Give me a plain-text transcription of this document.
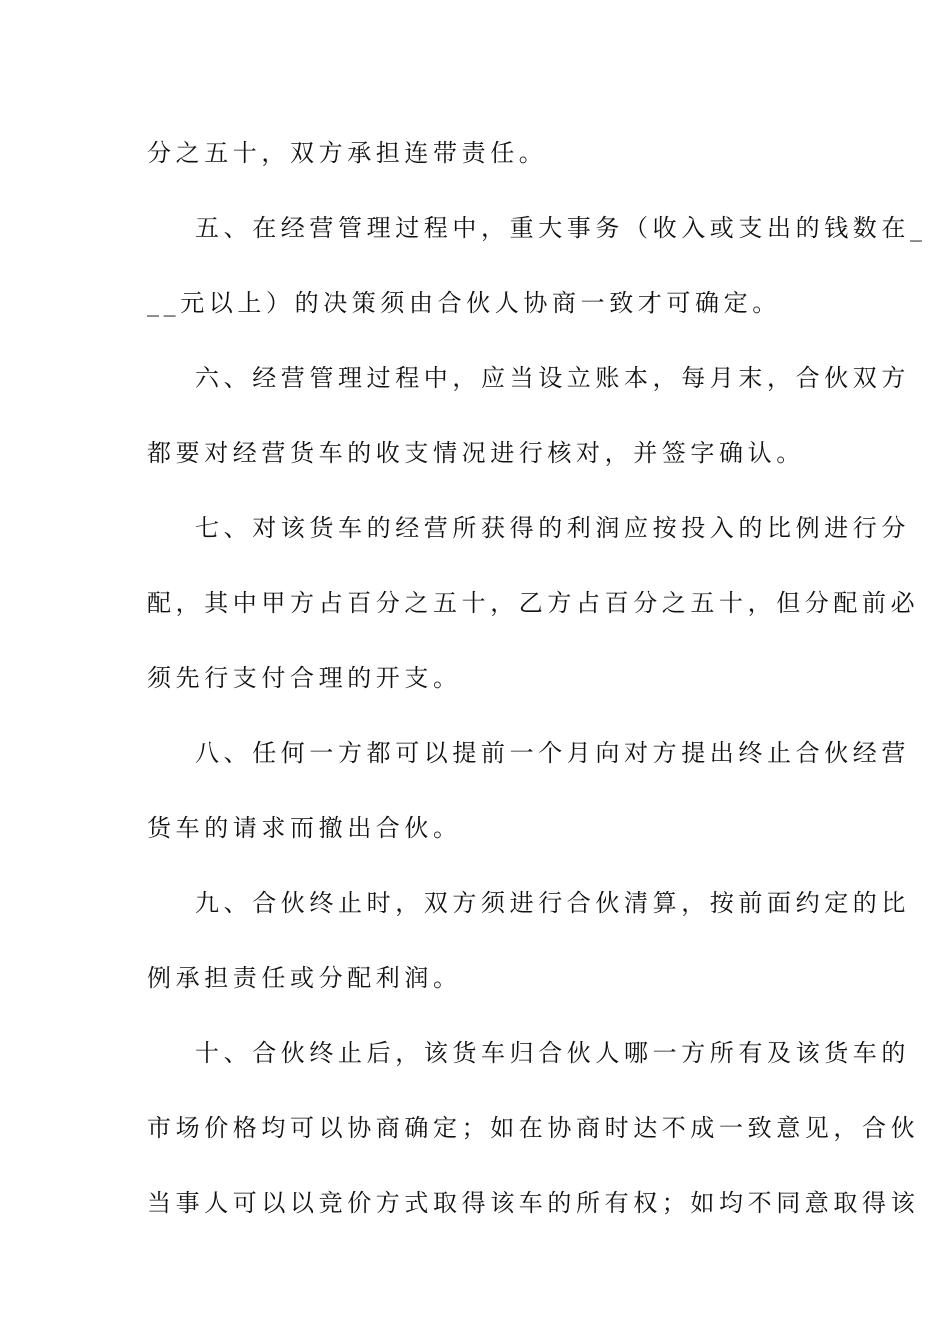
分之五十，双方承担连带责任。
五、在经营管理过程中，重大事务（收入或支出的钱数在_
__元以上）的决策须由合伙人协商一致才可确定。
六、经营管理过程中，应当设立账本，每月末，合伙双方
都要对经营货车的收支情况进行核对，并签字确认。
七、对该货车的经营所获得的利润应按投入的比例进行分
配，其中甲方占百分之五十，乙方占百分之五十，但分配前必
须先行支付合理的开支。
八、任何一方都可以提前一个月向对方提出终止合伙经营
货车的请求而撤出合伙。
九、合伙终止时，双方须进行合伙清算，按前面约定的比
例承担责任或分配利润。
十、合伙终止后，该货车归合伙人哪一方所有及该货车的
市场价格均可以协商确定；如在协商时达不成一致意见，合伙
当事人可以以竞价方式取得该车的所有权；如均不同意取得该
